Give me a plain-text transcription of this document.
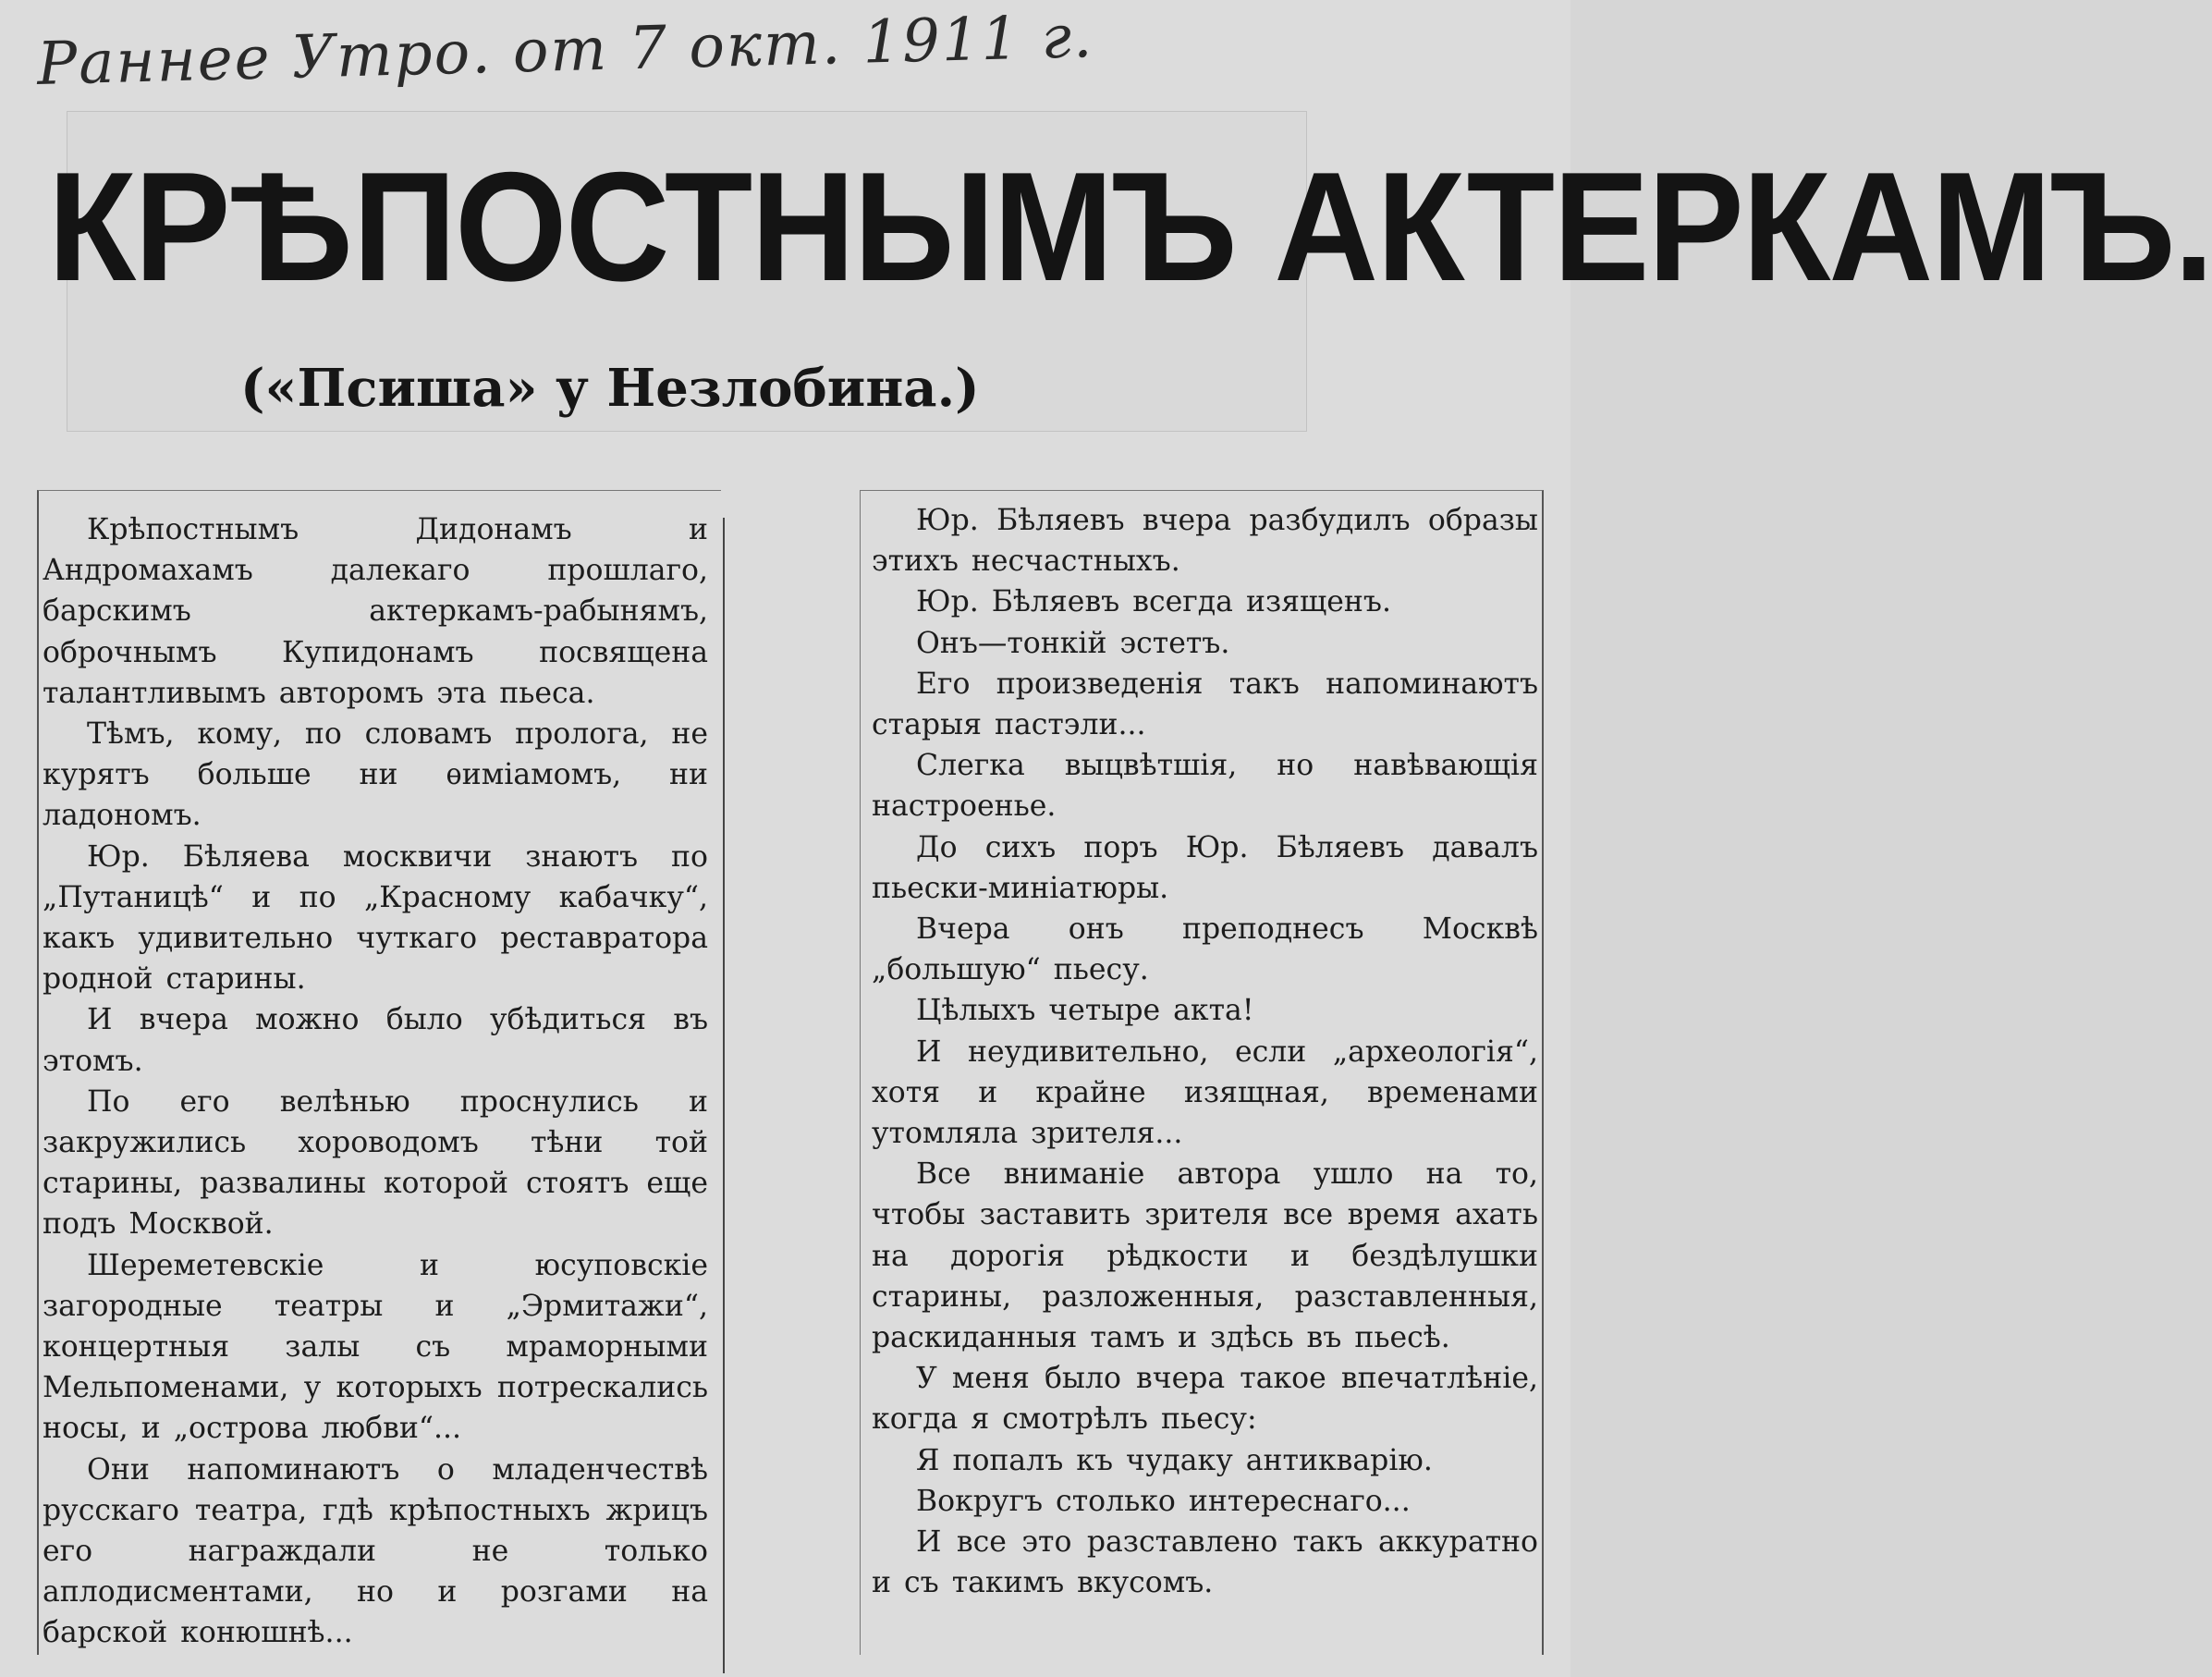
Раннее Утро. от 7 окт. 1911 г.
КРѢПОСТНЫМЪ АКТЕРКАМЪ.
(«Псиша» у Незлобина.)

Крѣпостнымъ Дидонамъ и Андромахамъ далекаго прошлаго, барскимъ актеркамъ-рабынямъ, оброчнымъ Купидонамъ посвящена талантливымъ авторомъ эта пьеса.

Тѣмъ, кому, по словамъ пролога, не курятъ больше ни ѳиміамомъ, ни ладономъ.

Юр. Бѣляева москвичи знаютъ по „Путаницѣ“ и по „Красному кабачку“, какъ удивительно чуткаго реставратора родной старины.

И вчера можно было убѣдиться въ этомъ.

По его велѣнью проснулись и закружились хороводомъ тѣни той старины, развалины которой стоятъ еще подъ Москвой.

Шереметевскіе и юсуповскіе загородные театры и „Эрмитажи“, концертныя залы съ мраморными Мельпоменами, у которыхъ потрескались носы, и „острова любви“...

Они напоминаютъ о младенчествѣ русскаго театра, гдѣ крѣпостныхъ жрицъ его награждали не только аплодисментами, но и розгами на барской конюшнѣ...

Юр. Бѣляевъ вчера разбудилъ образы этихъ несчастныхъ.

Юр. Бѣляевъ всегда изященъ.

Онъ—тонкій эстетъ.

Его произведенія такъ напоминаютъ старыя пастэли...

Слегка выцвѣтшія, но навѣвающія настроенье.

До сихъ поръ Юр. Бѣляевъ давалъ пьески-миніатюры.

Вчера онъ преподнесъ Москвѣ „большую“ пьесу.

Цѣлыхъ четыре акта!

И неудивительно, если „археологія“, хотя и крайне изящная, временами утомляла зрителя...

Все вниманіе автора ушло на то, чтобы заставить зрителя все время ахать на дорогія рѣдкости и бездѣлушки старины, разложенныя, разставленныя, раскиданныя тамъ и здѣсь въ пьесѣ.

У меня было вчера такое впечатлѣніе, когда я смотрѣлъ пьесу:

Я попалъ къ чудаку антикварію.

Вокругъ столько интереснаго...

И все это разставлено такъ аккуратно и съ такимъ вкусомъ.
